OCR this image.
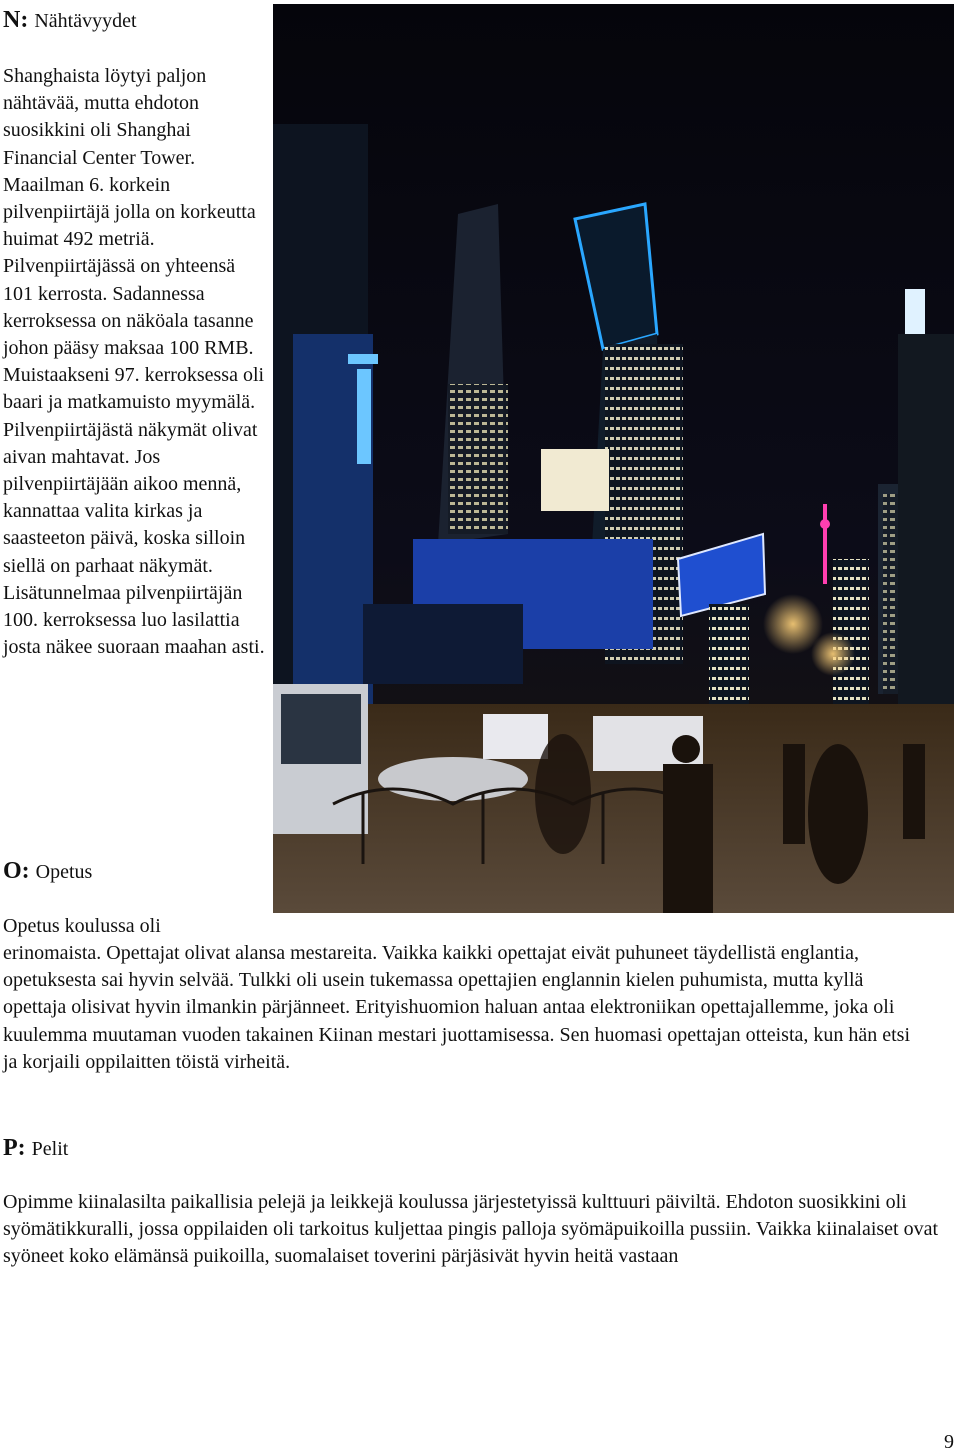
N: Nähtävyydet

Shanghaista löytyi paljon nähtävää, mutta ehdoton suosikkini oli Shanghai Financial Center Tower. Maailman 6. korkein pilvenpiirtäjä jolla on korkeutta huimat 492 metriä. Pilvenpiirtäjässä on yhteensä 101 kerrosta. Sadannessa kerroksessa on näköala tasanne johon pääsy maksaa 100 RMB. Muistaakseni 97. kerroksessa oli baari ja matkamuisto myymälä. Pilvenpiirtäjästä näkymät olivat aivan mahtavat. Jos pilvenpiirtäjään aikoo mennä, kannattaa valita kirkas ja saasteeton päivä, koska silloin siellä on parhaat näkymät. Lisätunnelmaa pilvenpiirtäjän 100. kerroksessa luo lasilattia josta näkee suoraan maahan asti.

O: Opetus

Opetus koulussa oli

erinomaista. Opettajat olivat alansa mestareita. Vaikka kaikki opettajat eivät puhuneet täydellistä englantia, opetuksesta sai hyvin selvää. Tulkki oli usein tukemassa opettajien englannin kielen puhumista, mutta kyllä opettaja olisivat hyvin ilmankin pärjänneet. Erityishuomion haluan antaa elektroniikan opettajallemme, joka oli kuulemma muutaman vuoden takainen Kiinan mestari juottamisessa. Sen huomasi opettajan otteista, kun hän etsi ja korjaili oppilaitten töistä virheitä.

P: Pelit

Opimme kiinalasilta paikallisia pelejä ja leikkejä koulussa järjestetyissä kulttuuri päiviltä. Ehdoton suosikkini oli syömätikkuralli, jossa oppilaiden oli tarkoitus kuljettaa pingis palloja syömäpuikoilla pussiin. Vaikka kiinalaiset ovat syöneet koko elämänsä puikoilla, suomalaiset toverini pärjäsivät hyvin heitä vastaan

9
